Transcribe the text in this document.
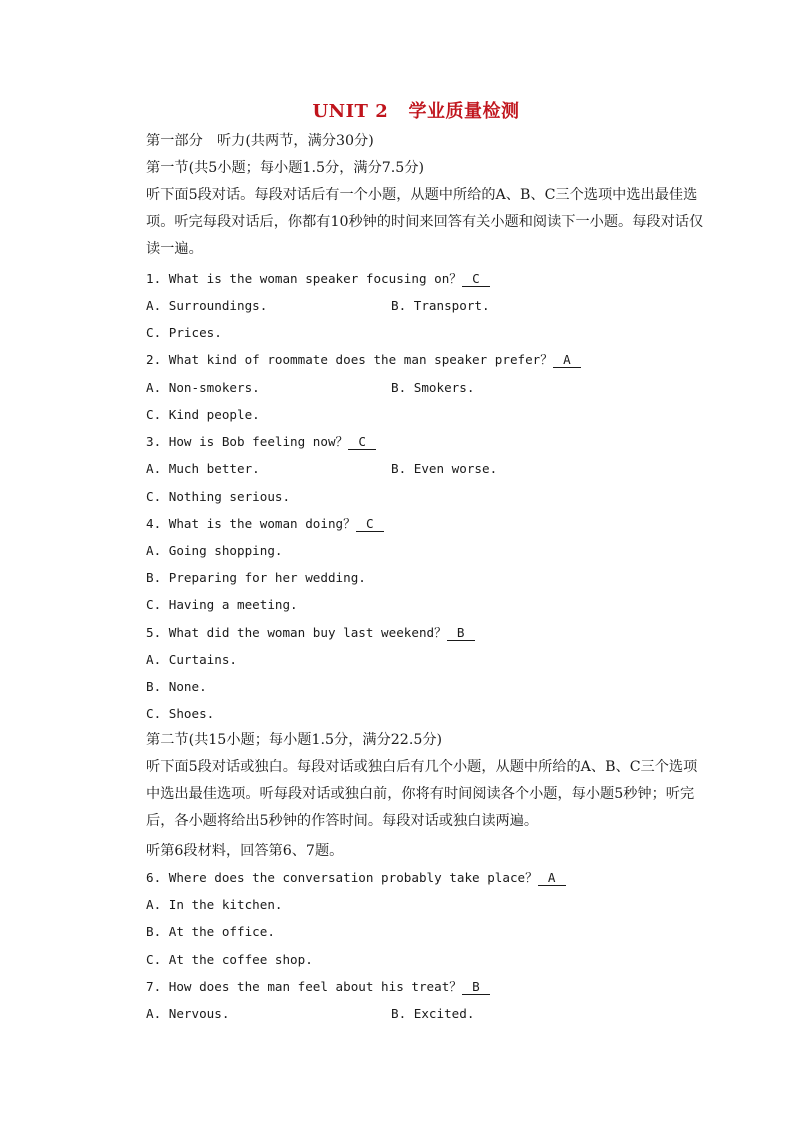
UNIT 2   学业质量检测
第一部分　听力(共两节，满分30分)
第一节(共5小题；每小题1.5分，满分7.5分)
听下面5段对话。每段对话后有一个小题，从题中所给的A、B、C三个选项中选出最佳选项。听完每段对话后，你都有10秒钟的时间来回答有关小题和阅读下一小题。每段对话仅读一遍。
1. What is the woman speaker focusing on？ C
A. Surroundings.	B. Transport.
C. Prices.
2. What kind of roommate does the man speaker prefer？ A
A. Non-smokers.	B. Smokers.
C. Kind people.
3. How is Bob feeling now？ C
A. Much better.	B. Even worse.
C. Nothing serious.
4. What is the woman doing？ C
A. Going shopping.
B. Preparing for her wedding.
C. Having a meeting.
5. What did the woman buy last weekend？ B
A. Curtains.
B. None.
C. Shoes.
第二节(共15小题；每小题1.5分，满分22.5分)
听下面5段对话或独白。每段对话或独白后有几个小题，从题中所给的A、B、C三个选项中选出最佳选项。听每段对话或独白前，你将有时间阅读各个小题，每小题5秒钟；听完后，各小题将给出5秒钟的作答时间。每段对话或独白读两遍。
听第6段材料，回答第6、7题。
6. Where does the conversation probably take place？ A
A. In the kitchen.
B. At the office.
C. At the coffee shop.
7. How does the man feel about his treat？ B
A. Nervous.	B. Excited.
